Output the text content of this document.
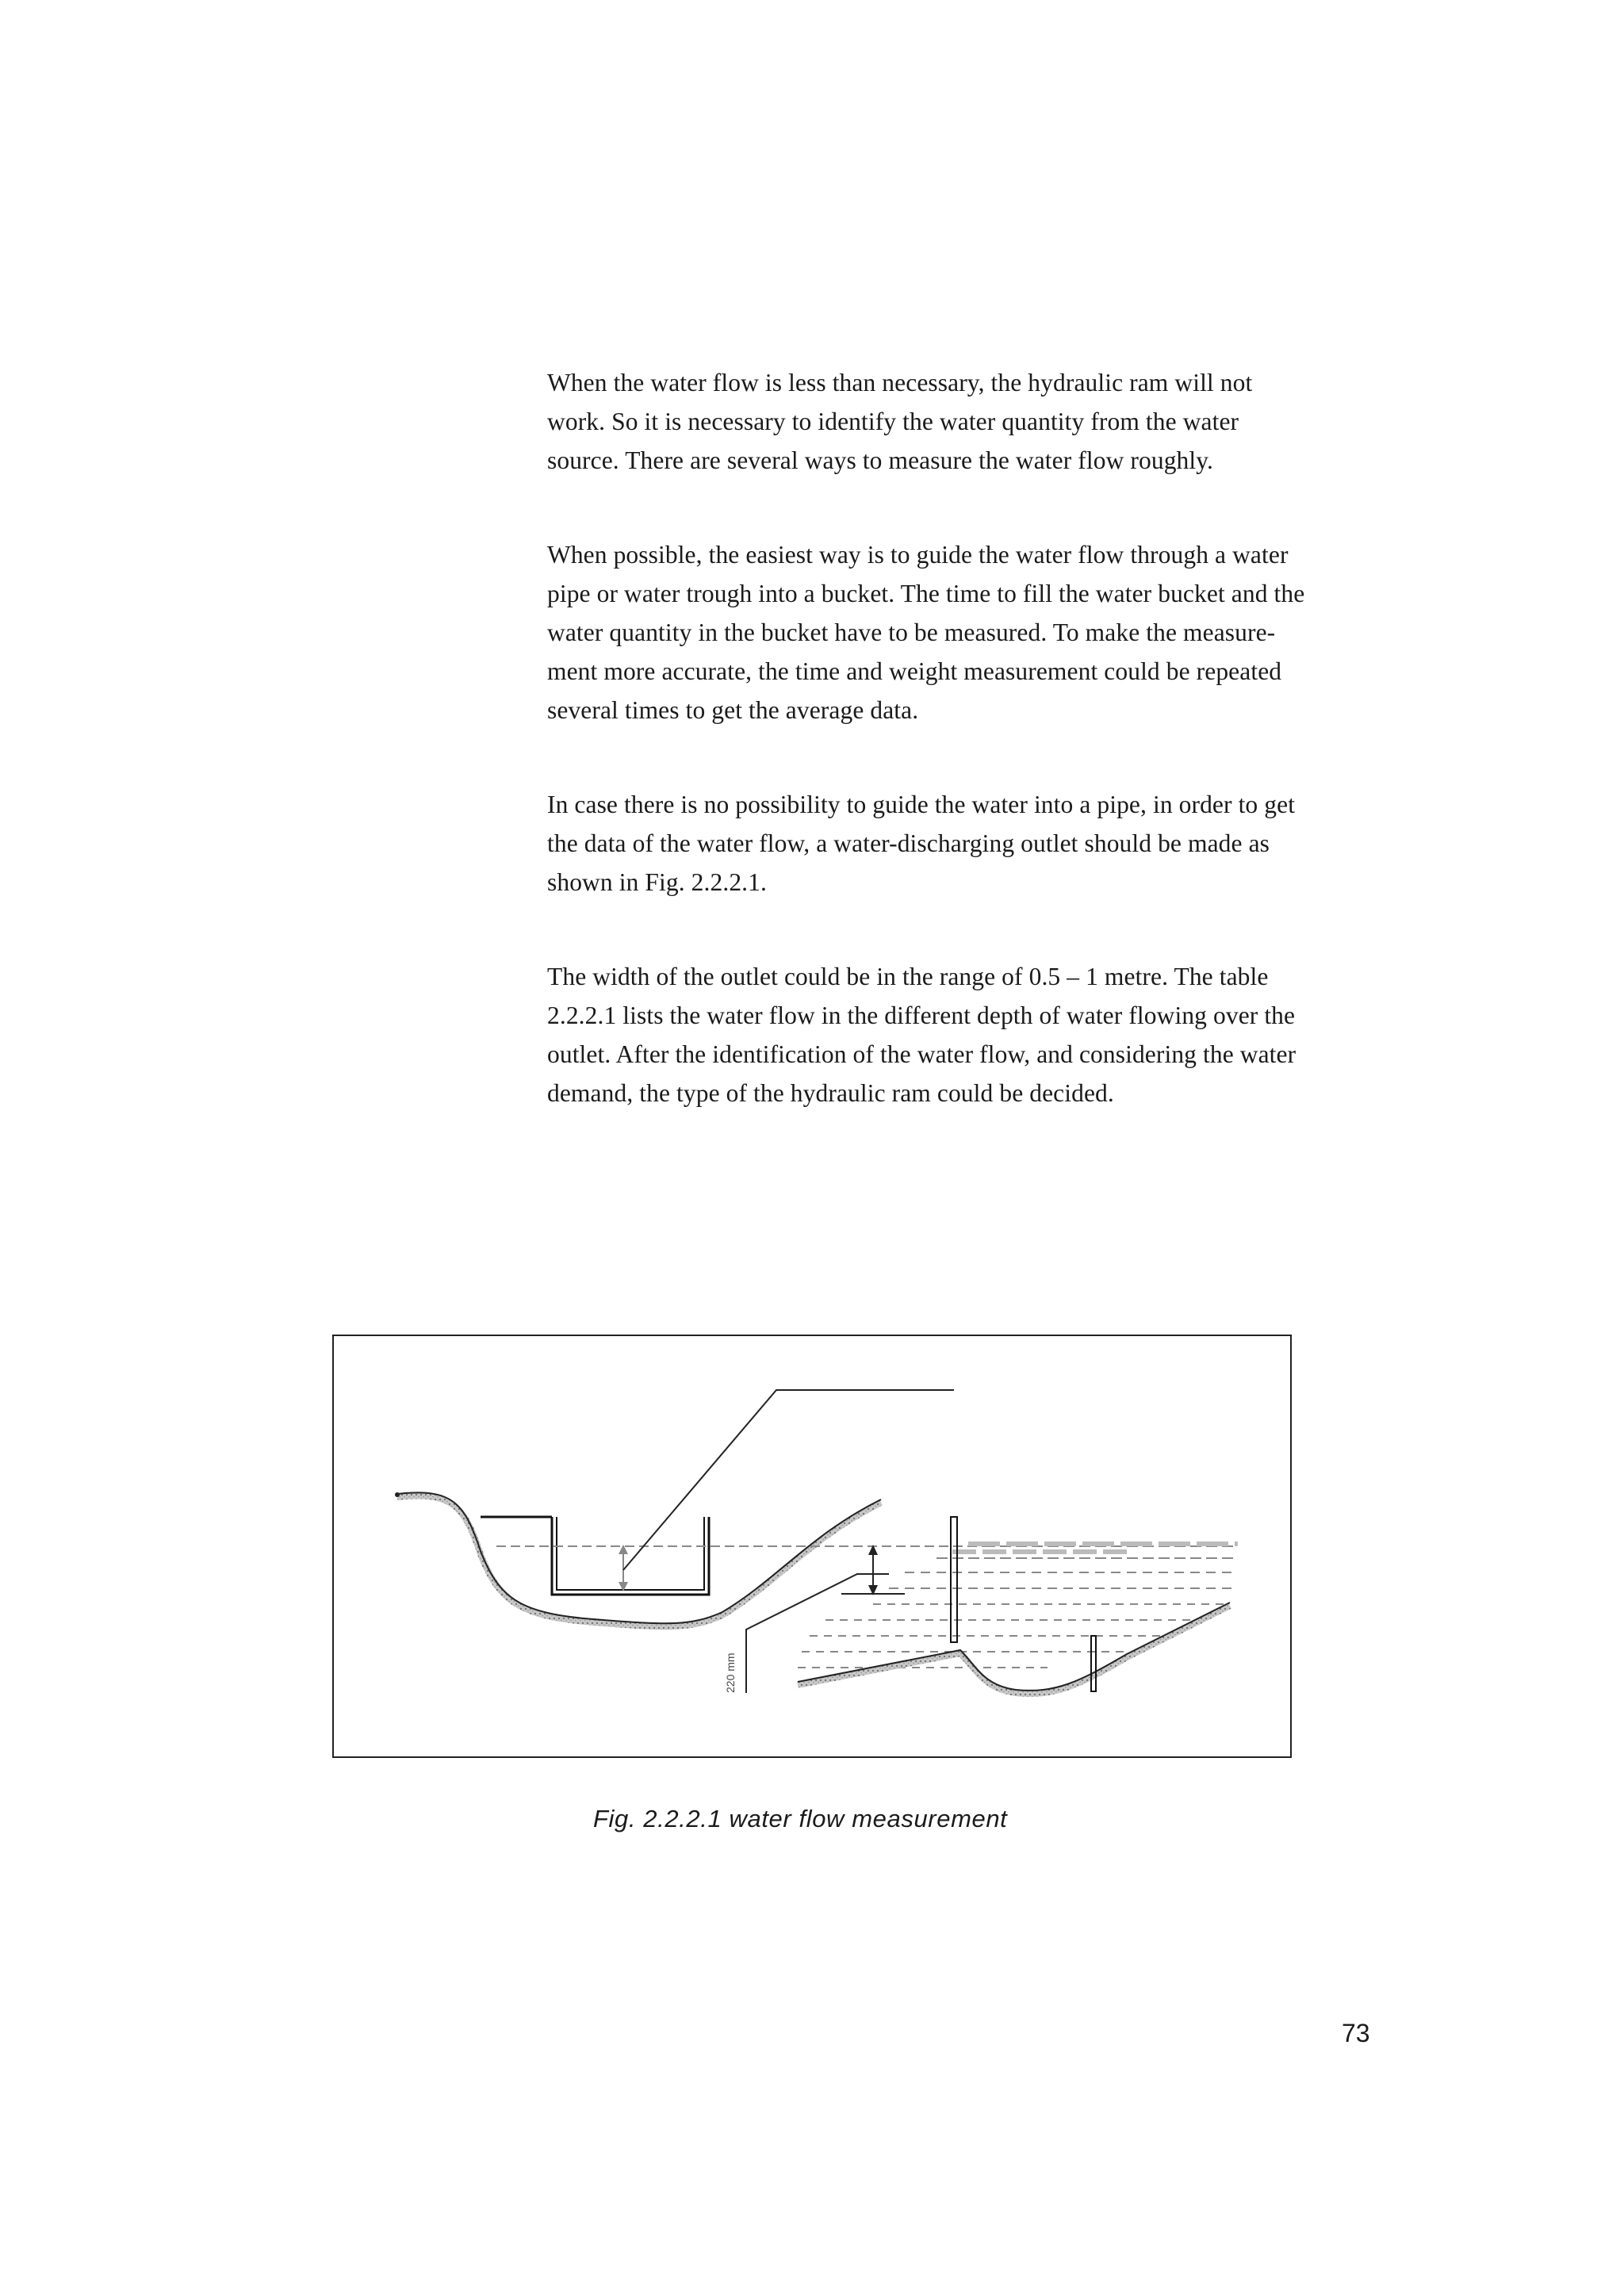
When the water flow is less than necessary, the hydraulic ram will not
work. So it is necessary to identify the water quantity from the water
source. There are several ways to measure the water flow roughly.

When possible, the easiest way is to guide the water flow through a water
pipe or water trough into a bucket. The time to fill the water bucket and the
water quantity in the bucket have to be measured. To make the measure-
ment more accurate, the time and weight measurement could be repeated
several times to get the average data.

In case there is no possibility to guide the water into a pipe, in order to get
the data of the water flow, a water-discharging outlet should be made as
shown in Fig. 2.2.2.1.

The width of the outlet could be in the range of 0.5 – 1 metre. The table
2.2.2.1 lists the water flow in the different depth of water flowing over the
outlet. After the identification of the water flow, and considering the water
demand, the type of the hydraulic ram could be decided.

220 mm
Fig. 2.2.2.1 water flow measurement
73
